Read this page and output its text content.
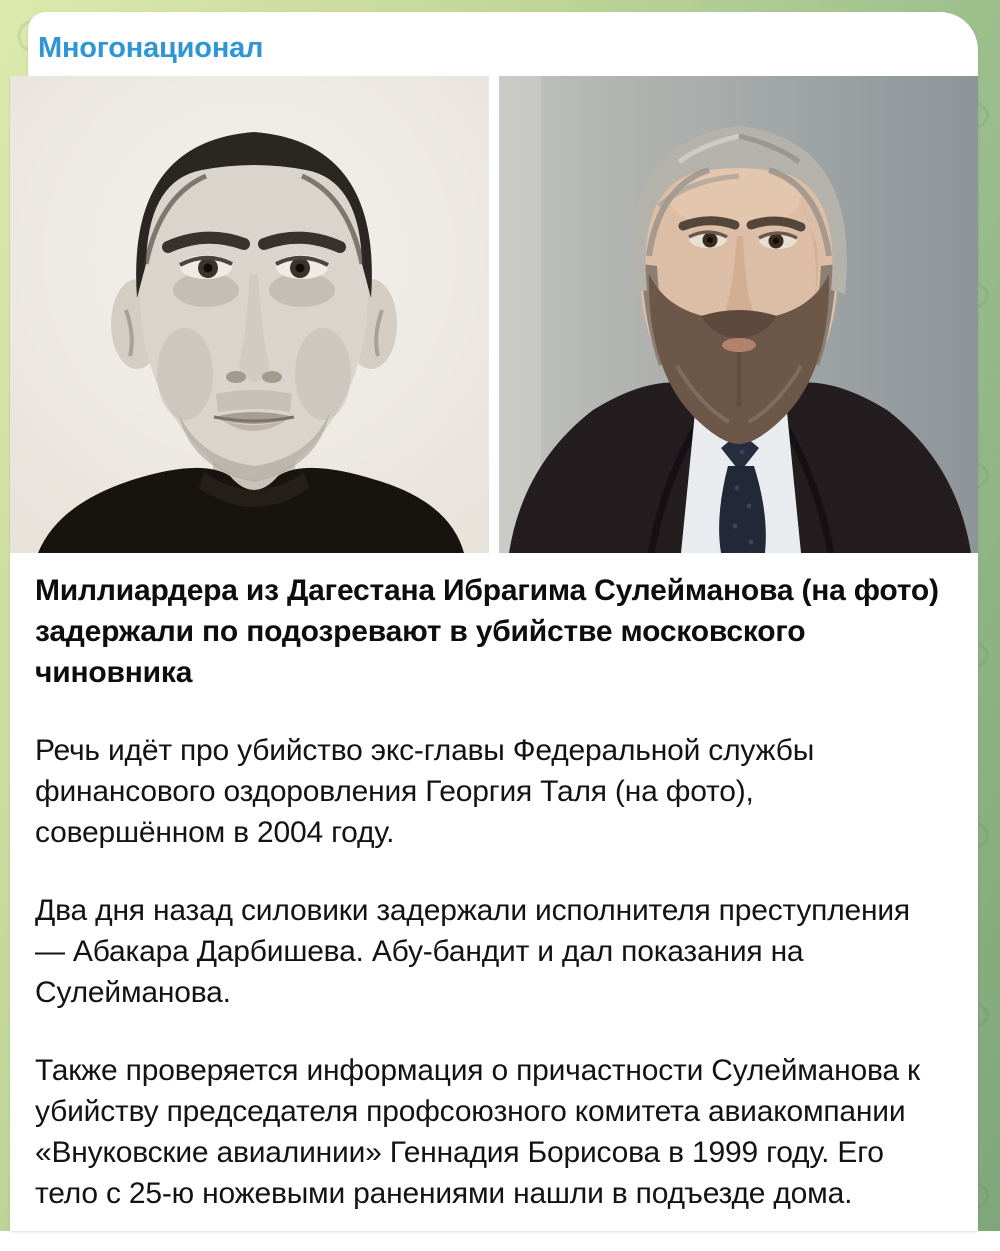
Многонационал
Миллиардера из Дагестана Ибрагима Сулейманова (на фото)
задержали по подозревают в убийстве московского
чиновника
Речь идёт про убийство экс-главы Федеральной службы
финансового оздоровления Георгия Таля (на фото),
совершённом в 2004 году.
Два дня назад силовики задержали исполнителя преступления
— Абакара Дарбишева. Абу-бандит и дал показания на
Сулейманова.
Также проверяется информация о причастности Сулейманова к
убийству председателя профсоюзного комитета авиакомпании
«Внуковские авиалинии» Геннадия Борисова в 1999 году. Его
тело с 25-ю ножевыми ранениями нашли в подъезде дома.
